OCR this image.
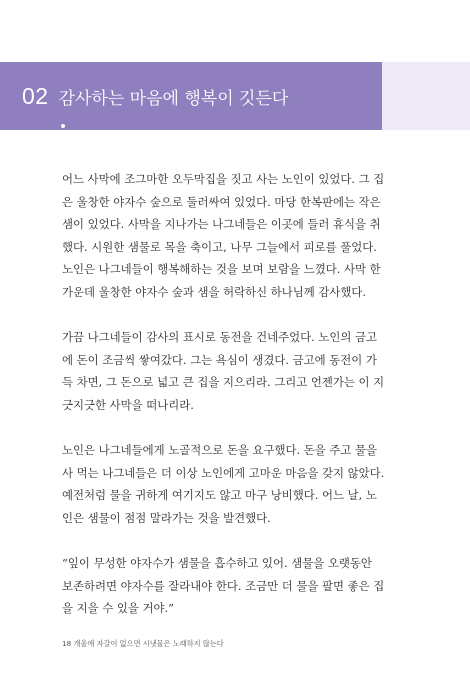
02 감사하는 마음에 행복이 깃든다

어느 사막에 조그마한 오두막집을 짓고 사는 노인이 있었다. 그 집
은 울창한 야자수 숲으로 둘러싸여 있었다. 마당 한복판에는 작은
샘이 있었다. 사막을 지나가는 나그네들은 이곳에 들러 휴식을 취
했다. 시원한 샘물로 목을 축이고, 나무 그늘에서 피로를 풀었다.
노인은 나그네들이 행복해하는 것을 보며 보람을 느꼈다. 사막 한
가운데 울창한 야자수 숲과 샘을 허락하신 하나님께 감사했다.

가끔 나그네들이 감사의 표시로 동전을 건네주었다. 노인의 금고
에 돈이 조금씩 쌓여갔다. 그는 욕심이 생겼다. 금고에 동전이 가
득 차면, 그 돈으로 넓고 큰 집을 지으리라. 그리고 언젠가는 이 지
긋지긋한 사막을 떠나리라.

노인은 나그네들에게 노골적으로 돈을 요구했다. 돈을 주고 물을
사 먹는 나그네들은 더 이상 노인에게 고마운 마음을 갖지 않았다.
예전처럼 물을 귀하게 여기지도 않고 마구 낭비했다. 어느 날, 노
인은 샘물이 점점 말라가는 것을 발견했다.

“잎이 무성한 야자수가 샘물을 흡수하고 있어. 샘물을 오랫동안
보존하려면 야자수를 잘라내야 한다. 조금만 더 물을 팔면 좋은 집
을 지을 수 있을 거야.”

18 개울에 자갈이 없으면 시냇물은 노래하지 않는다
